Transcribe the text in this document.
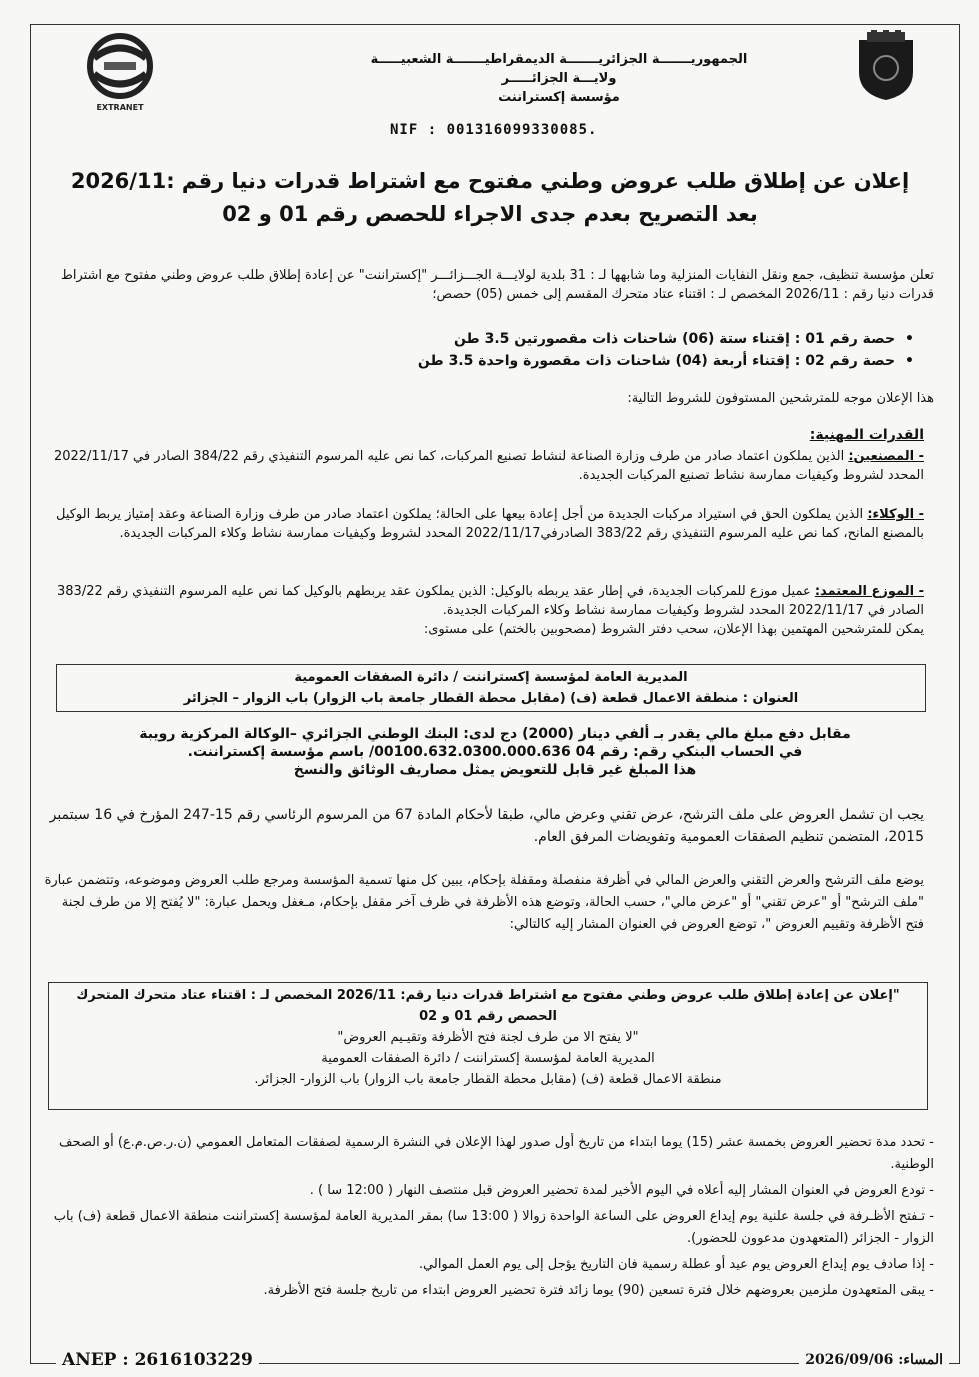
EXTRANET
الجمهوريـــــــة الجزائريـــــــة الديمقراطيـــــــة الشعبيـــــة
ولايـــة الجزائـــــر
مؤسسة إكستراننت
NIF : 001316099330085.
إعلان عن إطلاق طلب عروض وطني مفتوح مع اشتراط قدرات دنيا رقم :2026/11
بعد التصريح بعدم جدى الاجراء للحصص رقم 01 و 02
تعلن مؤسسة تنظيف، جمع ونقل النفايات المنزلية وما شابهها لـ : 31 بلدية لولايـــة الجـــزائـــر "إكستراننت" عن إعادة إطلاق طلب عروض وطني مفتوح مع اشتراط قدرات دنيا رقم : 2026/11 المخصص لـ : اقتناء عتاد متحرك المقسم إلى خمس (05) حصص؛
• حصة رقم 01 : إقتناء ستة (06) شاحنات ذات مقصورتين 3.5 طن
• حصة رقم 02 : إقتناء أربعة (04) شاحنات ذات مقصورة واحدة 3.5 طن
هذا الإعلان موجه للمترشحين المستوفون للشروط التالية:
القدرات المهنية:
- المصنعين: الذين يملكون اعتماد صادر من طرف وزارة الصناعة لنشاط تصنيع المركبات، كما نص عليه المرسوم التنفيذي رقم 384/22 الصادر في 2022/11/17 المحدد لشروط وكيفيات ممارسة نشاط تصنيع المركبات الجديدة.
- الوكلاء: الذين يملكون الحق في استيراد مركبات الجديدة من أجل إعادة بيعها على الحالة؛ يملكون اعتماد صادر من طرف وزارة الصناعة وعقد إمتياز يربط الوكيل بالمصنع المانح، كما نص عليه المرسوم التنفيذي رقم 383/22 الصادرفي2022/11/17 المحدد لشروط وكيفيات ممارسة نشاط وكلاء المركبات الجديدة.
- الموزع المعتمد: عميل موزع للمركبات الجديدة، في إطار عقد يربطه بالوكيل: الذين يملكون عقد يربطهم بالوكيل كما نص عليه المرسوم التنفيذي رقم 383/22 الصادر في 2022/11/17 المحدد لشروط وكيفيات ممارسة نشاط وكلاء المركبات الجديدة.
يمكن للمترشحين المهتمين بهذا الإعلان، سحب دفتر الشروط (مصحوبين بالختم) على مستوى:
المديرية العامة لمؤسسة إكستراننت / دائرة الصفقات العمومية
العنوان : منطقة الاعمال قطعة (ف) (مقابل محطة القطار جامعة باب الزوار) باب الزوار – الجزائر
مقابل دفع مبلغ مالي يقدر بـ ألفي دينار (2000) دج لدى: البنك الوطني الجزائري –الوكالة المركزية رويبة
في الحساب البنكي رقم: رقم 04 00100.632.0300.000.636/ باسم مؤسسة إكستراننت.
هذا المبلغ غير قابل للتعويض يمثل مصاريف الوثائق والنسخ
يجب ان تشمل العروض على ملف الترشح، عرض تقني وعرض مالي، طبقا لأحكام المادة 67 من المرسوم الرئاسي رقم 15-247 المؤرخ في 16 سبتمبر 2015، المتضمن تنظيم الصفقات العمومية وتفويضات المرفق العام.
يوضع ملف الترشح والعرض التقني والعرض المالي في أظرفة منفصلة ومقفلة بإحكام، يبين كل منها تسمية المؤسسة ومرجع طلب العروض وموضوعه، وتتضمن عبارة "ملف الترشح" أو "عرض تقني" أو "عرض مالي"، حسب الحالة، وتوضع هذه الأظرفة في ظرف آخر مقفل بإحكام، مـغفل ويحمل عبارة: "لا يُفتح إلا من طرف لجنة فتح الأظرفة وتقييم العروض "، توضع العروض في العنوان المشار إليه كالتالي:
"إعلان عن إعادة إطلاق طلب عروض وطني مفتوح مع اشتراط قدرات دنيا رقم: 2026/11 المخصص لـ : اقتناء عتاد متحرك المتحرك
الحصص رقم 01 و 02
"لا يفتح الا من طرف لجنة فتح الأظرفة وتقيـيم العروض"
المديرية العامة لمؤسسة إكستراننت / دائرة الصفقات العمومية
منطقة الاعمال قطعة (ف) (مقابل محطة القطار جامعة باب الزوار) باب الزوار- الجزائر.
- تحدد مدة تحضير العروض بخمسة عشر (15) يوما ابتداء من تاريخ أول صدور لهذا الإعلان في النشرة الرسمية لصفقات المتعامل العمومي (ن.ر.ص.م.ع) أو الصحف الوطنية.
- تودع العروض في العنوان المشار إليه أعلاه في اليوم الأخير لمدة تحضير العروض قبل منتصف النهار ( 12:00 سا ) .
- تـفتح الأظـرفة في جلسة علنية يوم إيداع العروض على الساعة الواحدة زوالا ( 13:00 سا) بمقر المديرية العامة لمؤسسة إكستراننت منطقة الاعمال قطعة (ف) باب الزوار - الجزائر (المتعهدون مدعوون للحضور).
- إذا صادف يوم إيداع العروض يوم عيد أو عطلة رسمية فان التاريخ يؤجل إلى يوم العمل الموالي.
- يبقى المتعهدون ملزمين بعروضهم خلال فترة تسعين (90) يوما زائد فترة تحضير العروض ابتداء من تاريخ جلسة فتح الأظرفة.
ANEP : 2616103229	المساء: 2026/09/06
